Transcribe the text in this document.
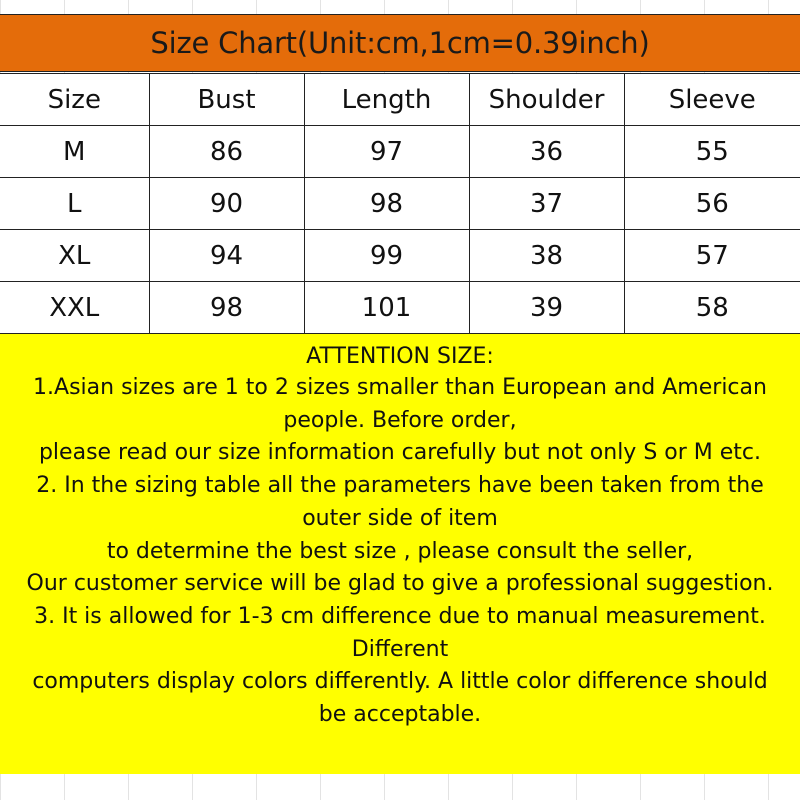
Size Chart(Unit:cm,1cm=0.39inch)
Size	Bust	Length	Shoulder	Sleeve
M	86	97	36	55
L	90	98	37	56
XL	94	99	38	57
XXL	98	101	39	58
ATTENTION SIZE:
1.Asian sizes are 1 to 2 sizes smaller than European and American
people. Before order,
please read our size information carefully but not only S or M etc.
2. In the sizing table all the parameters have been taken from the
outer side of item
to determine the best size , please consult the seller,
Our customer service will be glad to give a professional suggestion.
3. It is allowed for 1-3 cm difference due to manual measurement.
Different
computers display colors differently. A little color difference should
be acceptable.
